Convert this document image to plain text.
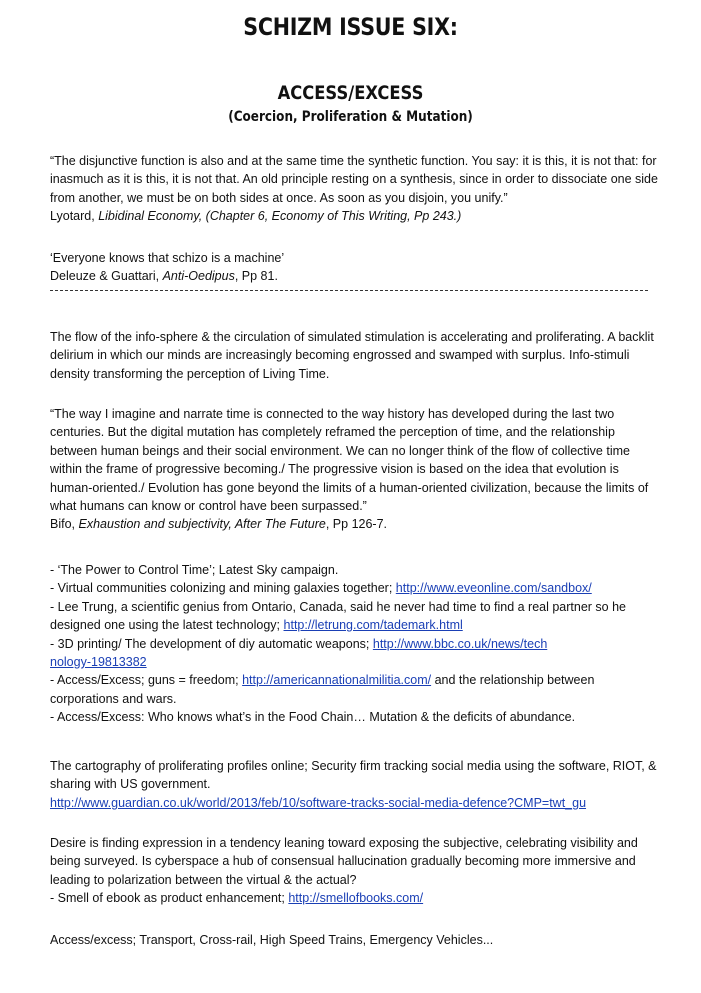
SCHIZM ISSUE SIX:
ACCESS/EXCESS
(Coercion, Proliferation & Mutation)

“The disjunctive function is also and at the same time the synthetic function. You say: it is this, it is not that: for inasmuch as it is this, it is not that. An old principle resting on a synthesis, since in order to dissociate one side from another, we must be on both sides at once. As soon as you disjoin, you unify.”

Lyotard, Libidinal Economy, (Chapter 6, Economy of This Writing, Pp 243.)

‘Everyone knows that schizo is a machine’

Deleuze & Guattari, Anti-Oedipus, Pp 81.

The flow of the info-sphere & the circulation of simulated stimulation is accelerating and proliferating. A backlit delirium in which our minds are increasingly becoming engrossed and swamped with surplus. Info-stimuli density transforming the perception of Living Time.

“The way I imagine and narrate time is connected to the way history has developed during the last two centuries. But the digital mutation has completely reframed the perception of time, and the relationship between human beings and their social environment. We can no longer think of the flow of collective time within the frame of progressive becoming./ The progressive vision is based on the idea that evolution is human-oriented./ Evolution has gone beyond the limits of a human-oriented civilization, because the limits of what humans can know or control have been surpassed.”

Bifo, Exhaustion and subjectivity, After The Future, Pp 126-7.

- ‘The Power to Control Time’; Latest Sky campaign.

- Virtual communities colonizing and mining galaxies together; http://www.eveonline.com/sandbox/

- Lee Trung, a scientific genius from Ontario, Canada, said he never had time to find a real partner so he designed one using the latest technology; http://letrung.com/tademark.html

- 3D printing/ The development of diy automatic weapons; http://www.bbc.co.uk/news/technology-19813382

- Access/Excess; guns = freedom; http://americannationalmilitia.com/ and the relationship between corporations and wars.

- Access/Excess: Who knows what’s in the Food Chain… Mutation & the deficits of abundance.

The cartography of proliferating profiles online; Security firm tracking social media using the software, RIOT, & sharing with US government.

http://www.guardian.co.uk/world/2013/feb/10/software-tracks-social-media-defence?CMP=twt_gu

Desire is finding expression in a tendency leaning toward exposing the subjective, celebrating visibility and being surveyed. Is cyberspace a hub of consensual hallucination gradually becoming more immersive and leading to polarization between the virtual & the actual?

- Smell of ebook as product enhancement; http://smellofbooks.com/

Access/excess; Transport, Cross-rail, High Speed Trains, Emergency Vehicles...
